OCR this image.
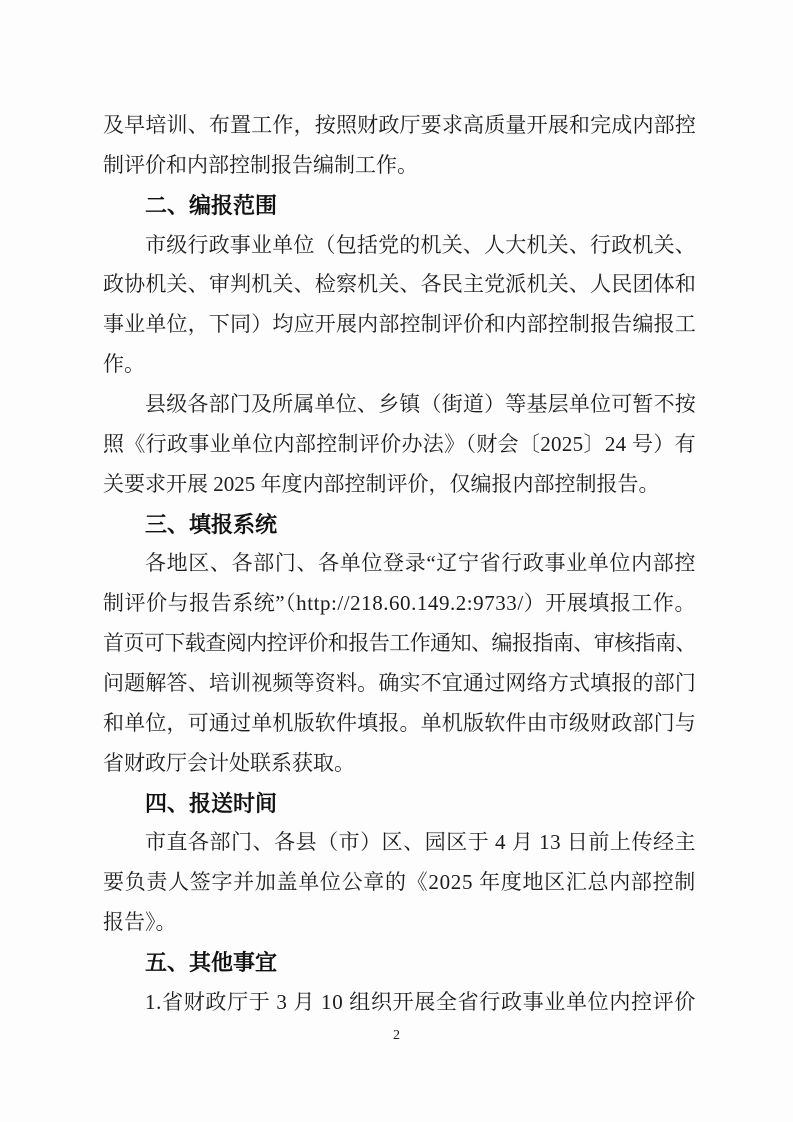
及早培训、布置工作，按照财政厅要求高质量开展和完成内部控
制评价和内部控制报告编制工作。
二、编报范围
市级行政事业单位（包括党的机关、人大机关、行政机关、
政协机关、审判机关、检察机关、各民主党派机关、人民团体和
事业单位，下同）均应开展内部控制评价和内部控制报告编报工
作。
县级各部门及所属单位、乡镇（街道）等基层单位可暂不按
照《行政事业单位内部控制评价办法》（财会〔2025〕24 号）有
关要求开展 2025 年度内部控制评价，仅编报内部控制报告。
三、填报系统
各地区、各部门、各单位登录“辽宁省行政事业单位内部控
制评价与报告系统”（http://218.60.149.2:9733/）开展填报工作。
首页可下载查阅内控评价和报告工作通知、编报指南、审核指南、
问题解答、培训视频等资料。确实不宜通过网络方式填报的部门
和单位，可通过单机版软件填报。单机版软件由市级财政部门与
省财政厅会计处联系获取。
四、报送时间
市直各部门、各县（市）区、园区于 4 月 13 日前上传经主
要负责人签字并加盖单位公章的《2025 年度地区汇总内部控制
报告》。
五、其他事宜
1.省财政厅于 3 月 10 组织开展全省行政事业单位内控评价
2
